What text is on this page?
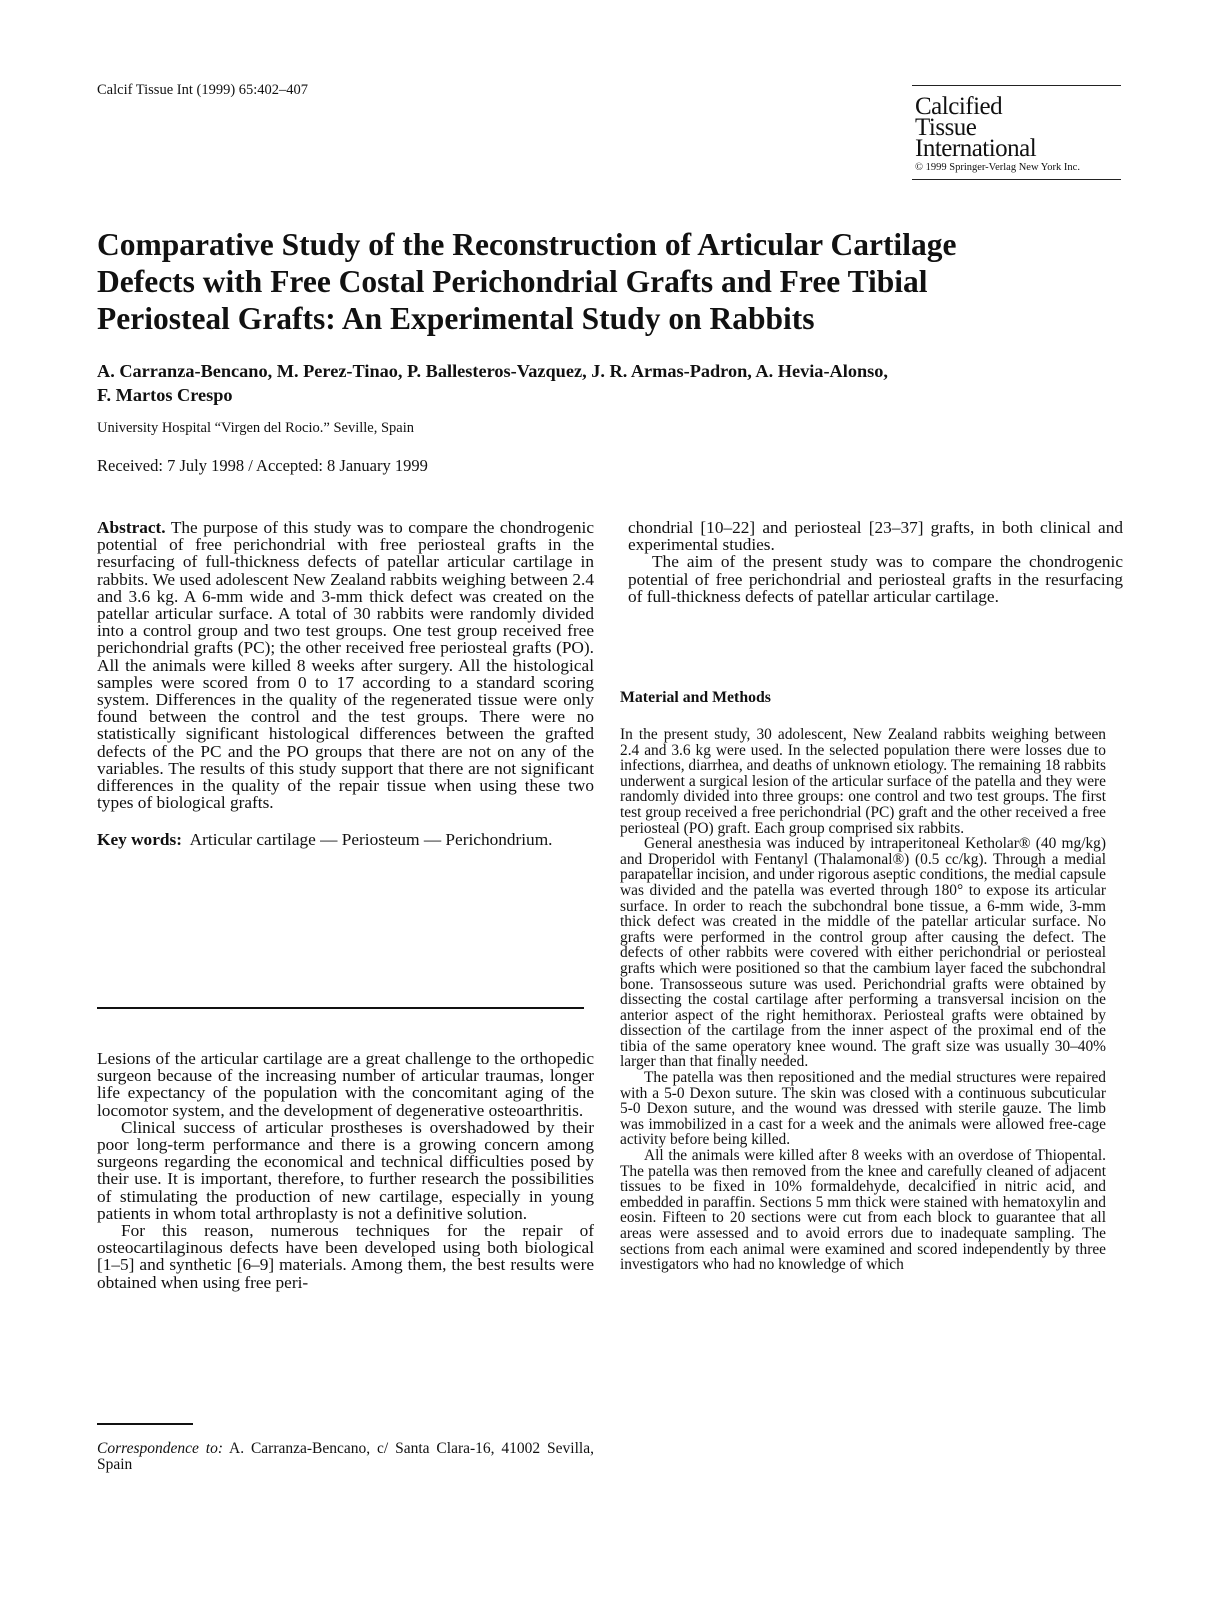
Calcif Tissue Int (1999) 65:402–407
Calcified
Tissue
International
© 1999 Springer-Verlag New York Inc.
Comparative Study of the Reconstruction of Articular Cartilage
Defects with Free Costal Perichondrial Grafts and Free Tibial
Periosteal Grafts: An Experimental Study on Rabbits
A. Carranza-Bencano, M. Perez-Tinao, P. Ballesteros-Vazquez, J. R. Armas-Padron, A. Hevia-Alonso,
F. Martos Crespo
University Hospital “Virgen del Rocio.” Seville, Spain
Received: 7 July 1998 / Accepted: 8 January 1999

Abstract. The purpose of this study was to compare the chondrogenic potential of free perichondrial with free periosteal grafts in the resurfacing of full-thickness defects of patellar articular cartilage in rabbits. We used adolescent New Zealand rabbits weighing between 2.4 and 3.6 kg. A 6-mm wide and 3-mm thick defect was created on the patellar articular surface. A total of 30 rabbits were randomly divided into a control group and two test groups. One test group received free perichondrial grafts (PC); the other received free periosteal grafts (PO). All the animals were killed 8 weeks after surgery. All the histological samples were scored from 0 to 17 according to a standard scoring system. Differences in the quality of the regenerated tissue were only found between the control and the test groups. There were no statistically significant histological differences between the grafted defects of the PC and the PO groups that there are not on any of the variables. The results of this study support that there are not significant differences in the quality of the repair tissue when using these two types of biological grafts.

Key words: Articular cartilage — Periosteum — Perichondrium.

Lesions of the articular cartilage are a great challenge to the orthopedic surgeon because of the increasing number of articular traumas, longer life expectancy of the population with the concomitant aging of the locomotor system, and the development of degenerative osteoarthritis.

Clinical success of articular prostheses is overshadowed by their poor long-term performance and there is a growing concern among surgeons regarding the economical and technical difficulties posed by their use. It is important, therefore, to further research the possibilities of stimulating the production of new cartilage, especially in young patients in whom total arthroplasty is not a definitive solution.

For this reason, numerous techniques for the repair of osteocartilaginous defects have been developed using both biological [1–5] and synthetic [6–9] materials. Among them, the best results were obtained when using free peri-

Correspondence to: A. Carranza-Bencano, c/ Santa Clara-16, 41002 Sevilla, Spain

chondrial [10–22] and periosteal [23–37] grafts, in both clinical and experimental studies.

The aim of the present study was to compare the chondrogenic potential of free perichondrial and periosteal grafts in the resurfacing of full-thickness defects of patellar articular cartilage.

Material and Methods

In the present study, 30 adolescent, New Zealand rabbits weighing between 2.4 and 3.6 kg were used. In the selected population there were losses due to infections, diarrhea, and deaths of unknown etiology. The remaining 18 rabbits underwent a surgical lesion of the articular surface of the patella and they were randomly divided into three groups: one control and two test groups. The first test group received a free perichondrial (PC) graft and the other received a free periosteal (PO) graft. Each group comprised six rabbits.

General anesthesia was induced by intraperitoneal Ketholar® (40 mg/kg) and Droperidol with Fentanyl (Thalamonal®) (0.5 cc/kg). Through a medial parapatellar incision, and under rigorous aseptic conditions, the medial capsule was divided and the patella was everted through 180° to expose its articular surface. In order to reach the subchondral bone tissue, a 6-mm wide, 3-mm thick defect was created in the middle of the patellar articular surface. No grafts were performed in the control group after causing the defect. The defects of other rabbits were covered with either perichondrial or periosteal grafts which were positioned so that the cambium layer faced the subchondral bone. Transosseous suture was used. Perichondrial grafts were obtained by dissecting the costal cartilage after performing a transversal incision on the anterior aspect of the right hemithorax. Periosteal grafts were obtained by dissection of the cartilage from the inner aspect of the proximal end of the tibia of the same operatory knee wound. The graft size was usually 30–40% larger than that finally needed.

The patella was then repositioned and the medial structures were repaired with a 5-0 Dexon suture. The skin was closed with a continuous subcuticular 5-0 Dexon suture, and the wound was dressed with sterile gauze. The limb was immobilized in a cast for a week and the animals were allowed free-cage activity before being killed.

All the animals were killed after 8 weeks with an overdose of Thiopental. The patella was then removed from the knee and carefully cleaned of adjacent tissues to be fixed in 10% formaldehyde, decalcified in nitric acid, and embedded in paraffin. Sections 5 mm thick were stained with hematoxylin and eosin. Fifteen to 20 sections were cut from each block to guarantee that all areas were assessed and to avoid errors due to inadequate sampling. The sections from each animal were examined and scored independently by three investigators who had no knowledge of which
